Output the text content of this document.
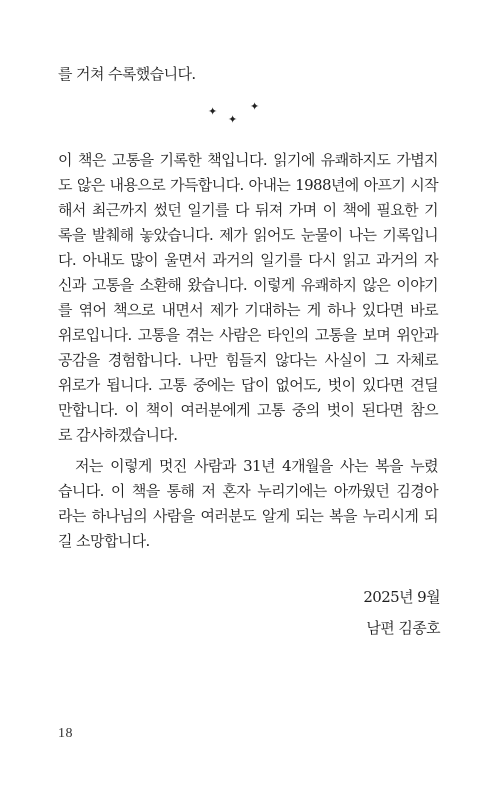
를 거쳐 수록했습니다.

✦
✦
✦

이 책은 고통을 기록한 책입니다. 읽기에 유쾌하지도 가볍지

도 않은 내용으로 가득합니다. 아내는 1988년에 아프기 시작

해서 최근까지 썼던 일기를 다 뒤져 가며 이 책에 필요한 기

록을 발췌해 놓았습니다. 제가 읽어도 눈물이 나는 기록입니

다. 아내도 많이 울면서 과거의 일기를 다시 읽고 과거의 자

신과 고통을 소환해 왔습니다. 이렇게 유쾌하지 않은 이야기

를 엮어 책으로 내면서 제가 기대하는 게 하나 있다면 바로

위로입니다. 고통을 겪는 사람은 타인의 고통을 보며 위안과

공감을 경험합니다. 나만 힘들지 않다는 사실이 그 자체로

위로가 됩니다. 고통 중에는 답이 없어도, 벗이 있다면 견딜

만합니다. 이 책이 여러분에게 고통 중의 벗이 된다면 참으

로 감사하겠습니다.

저는 이렇게 멋진 사람과 31년 4개월을 사는 복을 누렸

습니다. 이 책을 통해 저 혼자 누리기에는 아까웠던 김경아

라는 하나님의 사람을 여러분도 알게 되는 복을 누리시게 되

길 소망합니다.

2025년 9월

남편 김종호

18
